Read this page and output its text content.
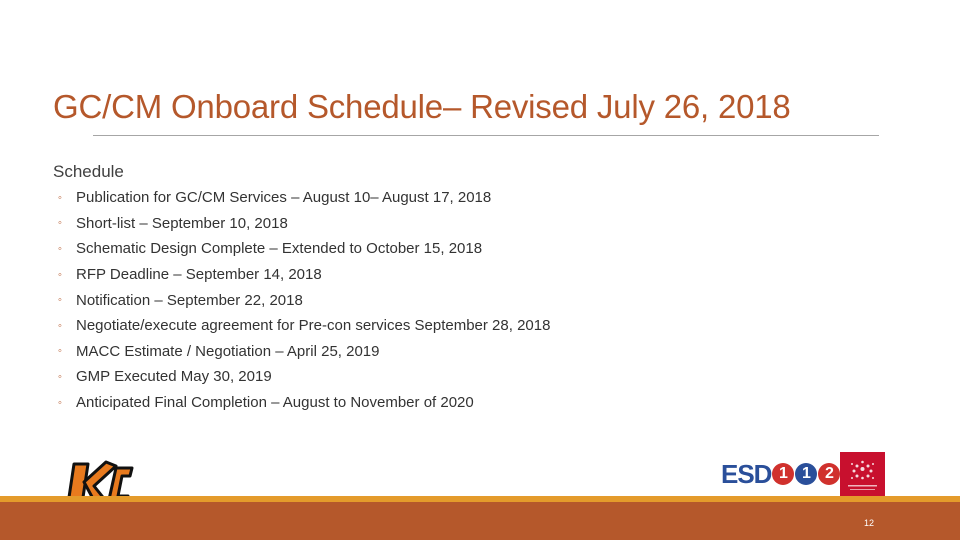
GC/CM Onboard Schedule– Revised July 26, 2018
Schedule
◦ Publication for GC/CM Services – August 10– August 17, 2018
◦ Short-list – September 10, 2018
◦ Schematic Design Complete – Extended to October 15, 2018
◦ RFP Deadline – September 14, 2018
◦ Notification – September 22, 2018
◦ Negotiate/execute agreement for Pre-con services September 28, 2018
◦ MACC Estimate / Negotiation – April 25, 2019
◦ GMP Executed May 30, 2019
◦ Anticipated Final Completion – August to November of 2020
ESD 1 1 2
12
